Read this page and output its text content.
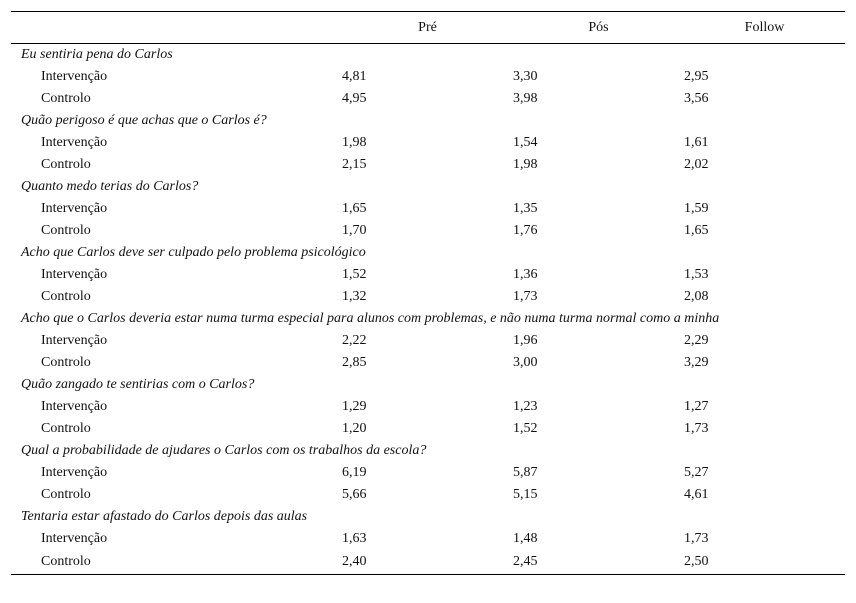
	Pré	Pós	Follow
Eu sentiria pena do Carlos			
Intervenção	4,81	3,30	2,95
Controlo	4,95	3,98	3,56
Quão perigoso é que achas que o Carlos é?			
Intervenção	1,98	1,54	1,61
Controlo	2,15	1,98	2,02
Quanto medo terias do Carlos?			
Intervenção	1,65	1,35	1,59
Controlo	1,70	1,76	1,65
Acho que Carlos deve ser culpado pelo problema psicológico			
Intervenção	1,52	1,36	1,53
Controlo	1,32	1,73	2,08
Acho que o Carlos deveria estar numa turma especial para alunos com problemas, e não numa turma normal como a minha			
Intervenção	2,22	1,96	2,29
Controlo	2,85	3,00	3,29
Quão zangado te sentirias com o Carlos?			
Intervenção	1,29	1,23	1,27
Controlo	1,20	1,52	1,73
Qual a probabilidade de ajudares o Carlos com os trabalhos da escola?			
Intervenção	6,19	5,87	5,27
Controlo	5,66	5,15	4,61
Tentaria estar afastado do Carlos depois das aulas			
Intervenção	1,63	1,48	1,73
Controlo	2,40	2,45	2,50
